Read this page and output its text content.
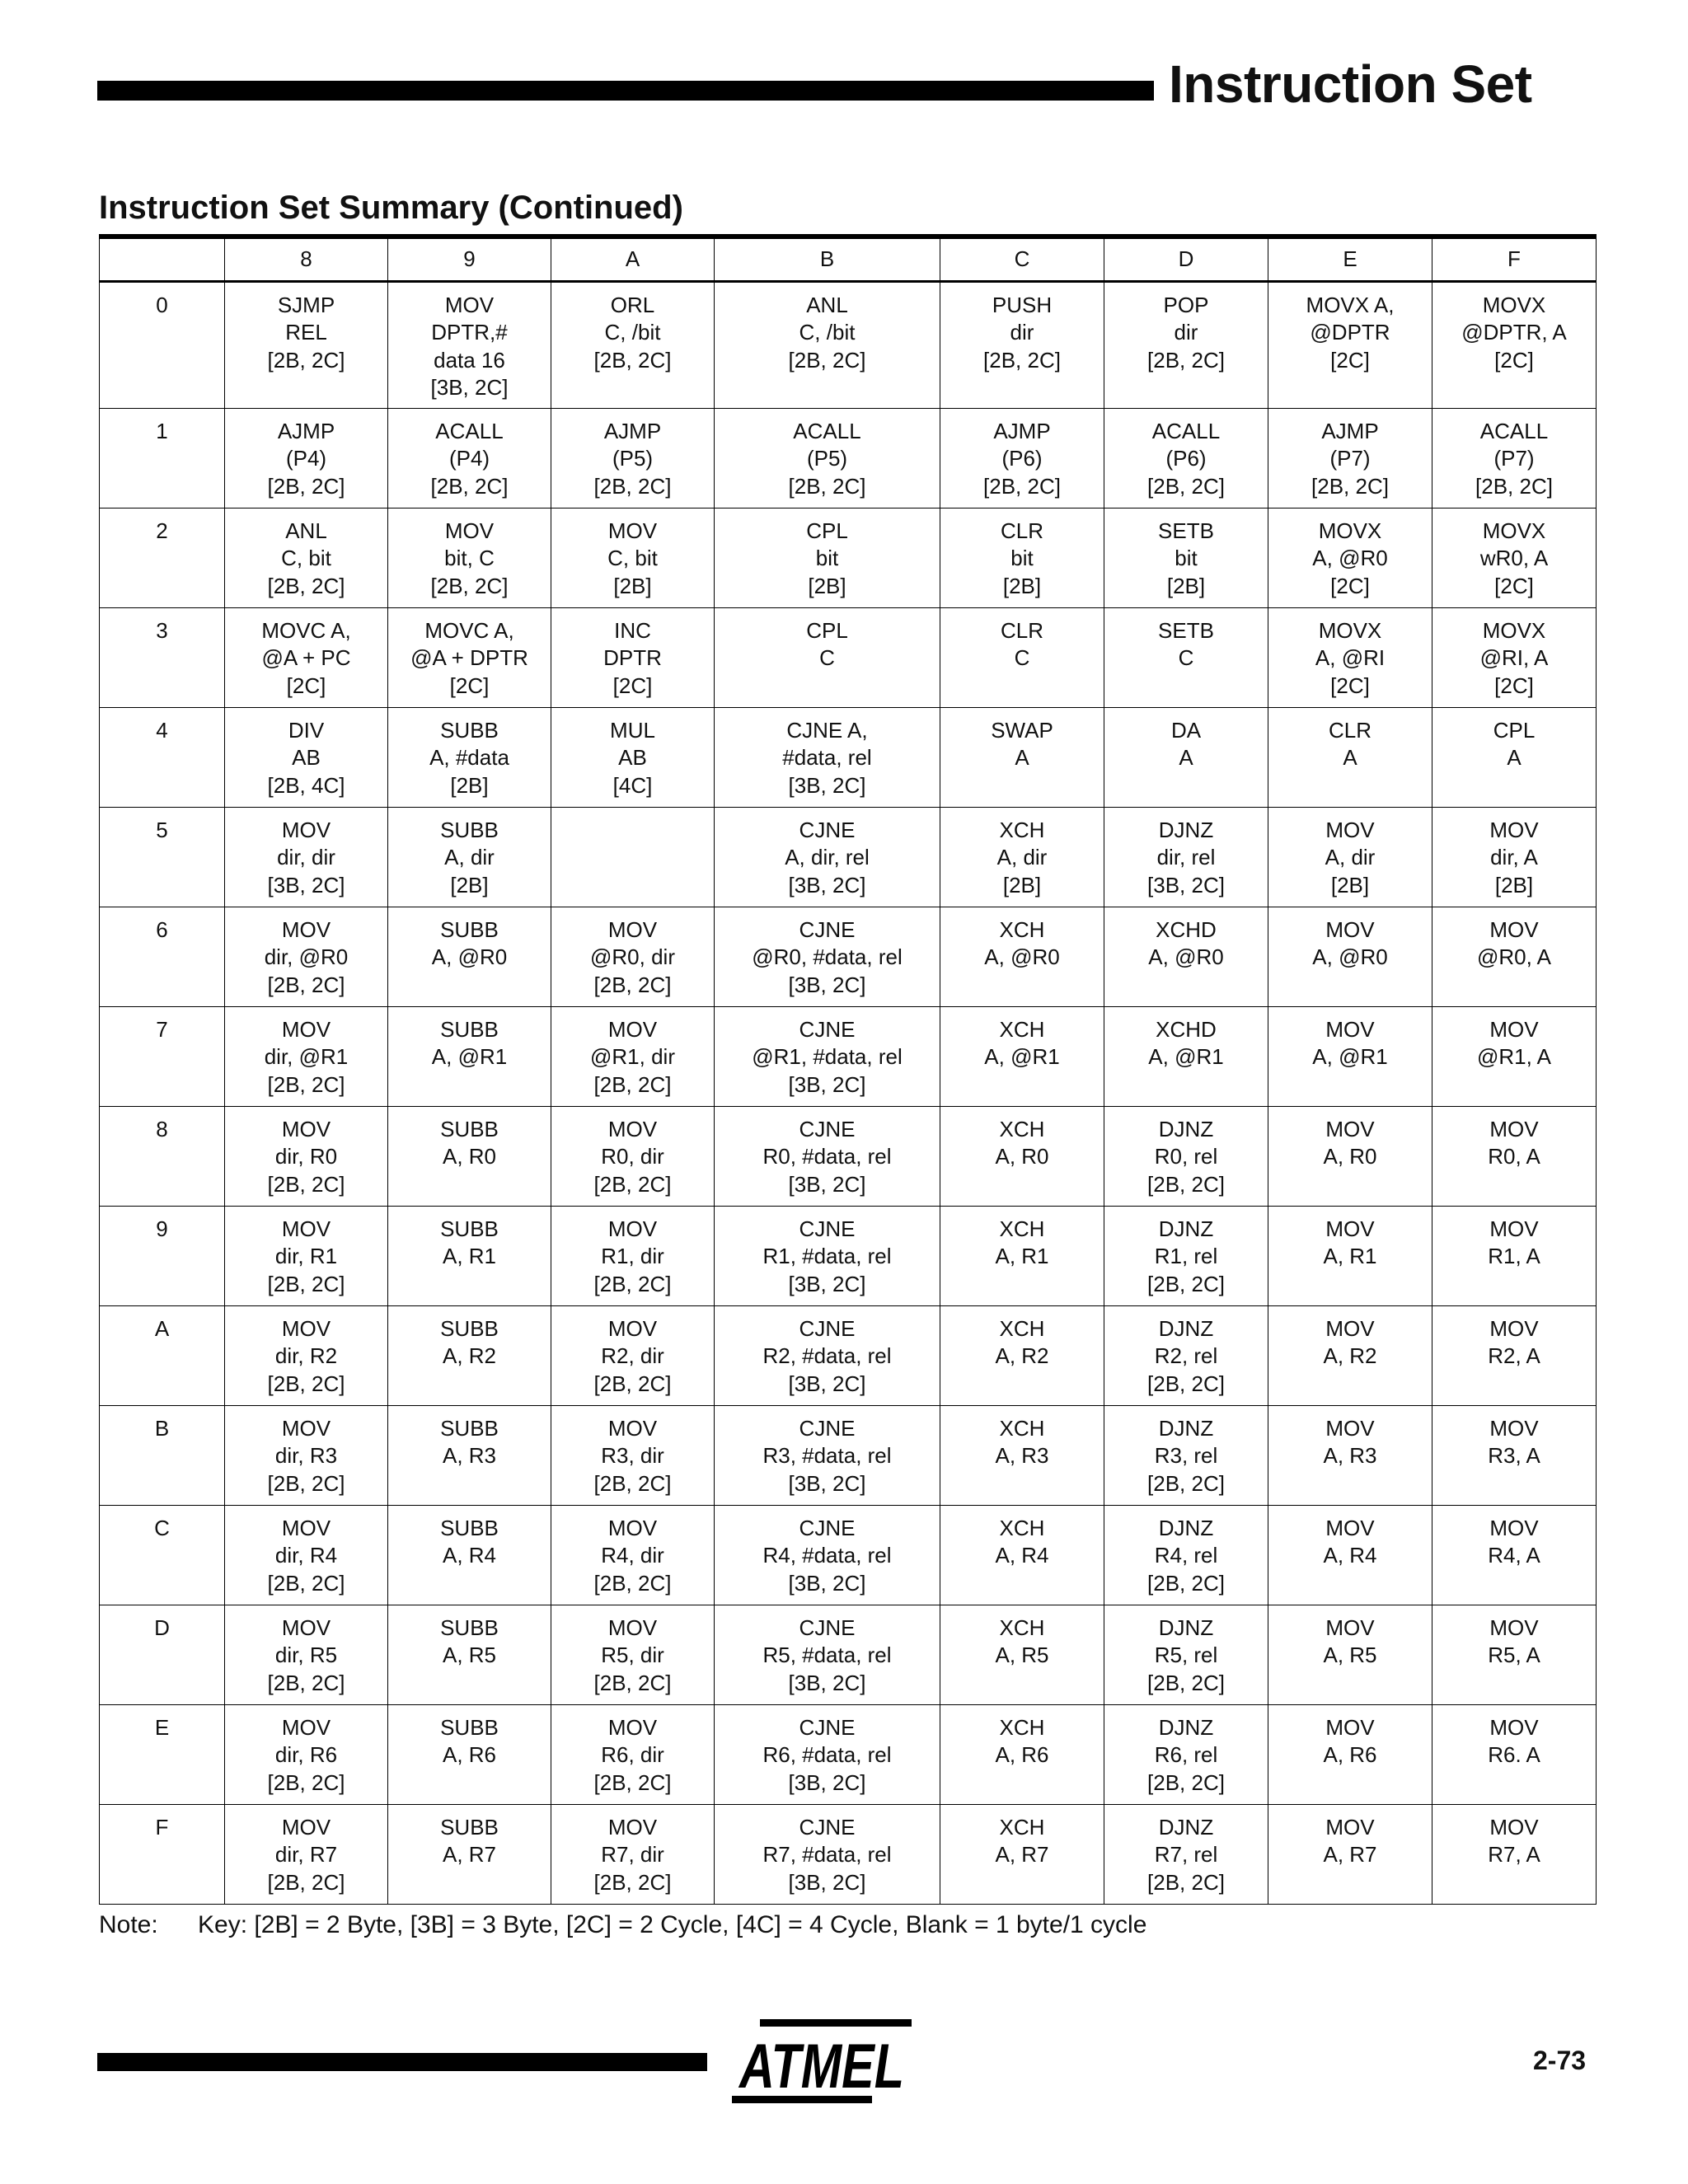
Instruction Set
Instruction Set Summary (Continued)
	8	9	A	B	C	D	E	F
0	SJMP
REL
[2B, 2C]	MOV
DPTR,#
data 16
[3B, 2C]	ORL
C, /bit
[2B, 2C]	ANL
C, /bit
[2B, 2C]	PUSH
dir
[2B, 2C]	POP
dir
[2B, 2C]	MOVX A,
@DPTR
[2C]	MOVX
@DPTR, A
[2C]

1	AJMP
(P4)
[2B, 2C]	ACALL
(P4)
[2B, 2C]	AJMP
(P5)
[2B, 2C]	ACALL
(P5)
[2B, 2C]	AJMP
(P6)
[2B, 2C]	ACALL
(P6)
[2B, 2C]	AJMP
(P7)
[2B, 2C]	ACALL
(P7)
[2B, 2C]

2	ANL
C, bit
[2B, 2C]	MOV
bit, C
[2B, 2C]	MOV
C, bit
[2B]	CPL
bit
[2B]	CLR
bit
[2B]	SETB
bit
[2B]	MOVX
A, @R0
[2C]	MOVX
wR0, A
[2C]

3	MOVC A,
@A + PC
[2C]	MOVC A,
@A + DPTR
[2C]	INC
DPTR
[2C]	CPL
C	CLR
C	SETB
C	MOVX
A, @RI
[2C]	MOVX
@RI, A
[2C]

4	DIV
AB
[2B, 4C]	SUBB
A, #data
[2B]	MUL
AB
[4C]	CJNE A,
#data, rel
[3B, 2C]	SWAP
A	DA
A	CLR
A	CPL
A

5	MOV
dir, dir
[3B, 2C]	SUBB
A, dir
[2B]		CJNE
A, dir, rel
[3B, 2C]	XCH
A, dir
[2B]	DJNZ
dir, rel
[3B, 2C]	MOV
A, dir
[2B]	MOV
dir, A
[2B]

6	MOV
dir, @R0
[2B, 2C]	SUBB
A, @R0	MOV
@R0, dir
[2B, 2C]	CJNE
@R0, #data, rel
[3B, 2C]	XCH
A, @R0	XCHD
A, @R0	MOV
A, @R0	MOV
@R0, A

7	MOV
dir, @R1
[2B, 2C]	SUBB
A, @R1	MOV
@R1, dir
[2B, 2C]	CJNE
@R1, #data, rel
[3B, 2C]	XCH
A, @R1	XCHD
A, @R1	MOV
A, @R1	MOV
@R1, A

8	MOV
dir, R0
[2B, 2C]	SUBB
A, R0	MOV
R0, dir
[2B, 2C]	CJNE
R0, #data, rel
[3B, 2C]	XCH
A, R0	DJNZ
R0, rel
[2B, 2C]	MOV
A, R0	MOV
R0, A

9	MOV
dir, R1
[2B, 2C]	SUBB
A, R1	MOV
R1, dir
[2B, 2C]	CJNE
R1, #data, rel
[3B, 2C]	XCH
A, R1	DJNZ
R1, rel
[2B, 2C]	MOV
A, R1	MOV
R1, A

A	MOV
dir, R2
[2B, 2C]	SUBB
A, R2	MOV
R2, dir
[2B, 2C]	CJNE
R2, #data, rel
[3B, 2C]	XCH
A, R2	DJNZ
R2, rel
[2B, 2C]	MOV
A, R2	MOV
R2, A

B	MOV
dir, R3
[2B, 2C]	SUBB
A, R3	MOV
R3, dir
[2B, 2C]	CJNE
R3, #data, rel
[3B, 2C]	XCH
A, R3	DJNZ
R3, rel
[2B, 2C]	MOV
A, R3	MOV
R3, A

C	MOV
dir, R4
[2B, 2C]	SUBB
A, R4	MOV
R4, dir
[2B, 2C]	CJNE
R4, #data, rel
[3B, 2C]	XCH
A, R4	DJNZ
R4, rel
[2B, 2C]	MOV
A, R4	MOV
R4, A

D	MOV
dir, R5
[2B, 2C]	SUBB
A, R5	MOV
R5, dir
[2B, 2C]	CJNE
R5, #data, rel
[3B, 2C]	XCH
A, R5	DJNZ
R5, rel
[2B, 2C]	MOV
A, R5	MOV
R5, A

E	MOV
dir, R6
[2B, 2C]	SUBB
A, R6	MOV
R6, dir
[2B, 2C]	CJNE
R6, #data, rel
[3B, 2C]	XCH
A, R6	DJNZ
R6, rel
[2B, 2C]	MOV
A, R6	MOV
R6. A

F	MOV
dir, R7
[2B, 2C]	SUBB
A, R7	MOV
R7, dir
[2B, 2C]	CJNE
R7, #data, rel
[3B, 2C]	XCH
A, R7	DJNZ
R7, rel
[2B, 2C]	MOV
A, R7	MOV
R7, A
Note: Key: [2B] = 2 Byte, [3B] = 3 Byte, [2C] = 2 Cycle, [4C] = 4 Cycle, Blank = 1 byte/1 cycle
ATMEL	2-73
